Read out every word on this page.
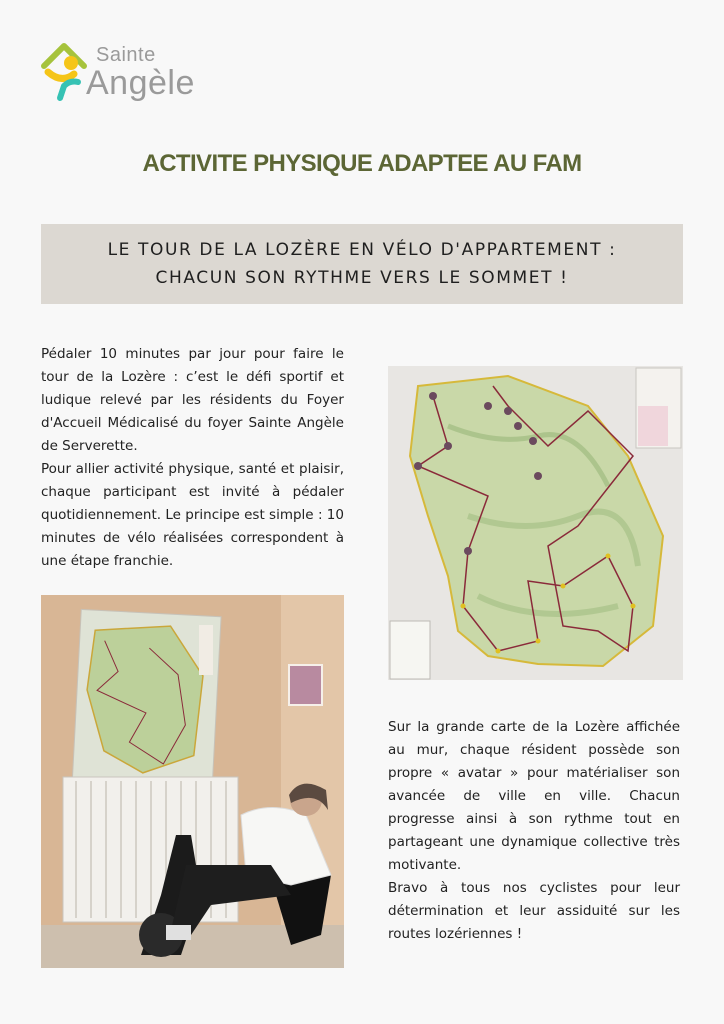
Sainte
Angèle
ACTIVITE PHYSIQUE ADAPTEE AU FAM
LE TOUR DE LA LOZÈRE EN VÉLO D'APPARTEMENT :
CHACUN SON RYTHME VERS LE SOMMET !

Pédaler 10 minutes par jour pour faire le tour de la Lozère : c’est le défi sportif et ludique relevé par les résidents du Foyer d'Accueil Médicalisé du foyer Sainte Angèle de Serverette.

Pour allier activité physique, santé et plaisir, chaque participant est invité à pédaler quotidiennement. Le principe est simple : 10 minutes de vélo réalisées correspondent à une étape franchie.

Sur la grande carte de la Lozère affichée au mur, chaque résident possède son propre « avatar » pour matérialiser son avancée de ville en ville. Chacun progresse ainsi à son rythme tout en partageant une dynamique collective très motivante.

Bravo à tous nos cyclistes pour leur détermination et leur assiduité sur les routes lozériennes !
